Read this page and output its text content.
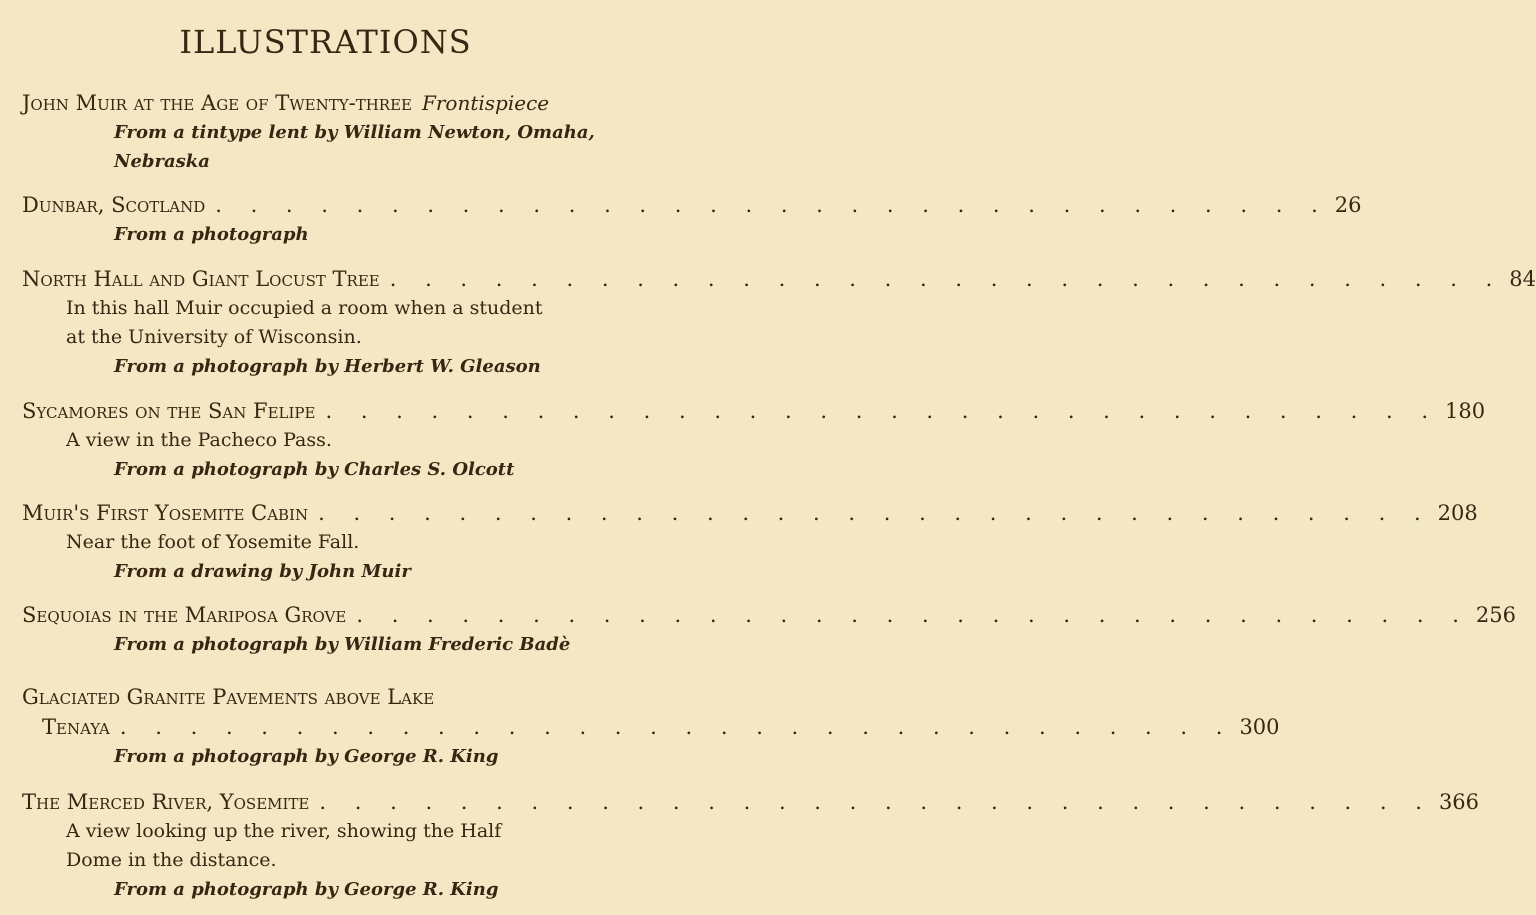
ILLUSTRATIONS
John Muir at the Age of Twenty-three Frontispiece
From a tintype lent by William Newton, Omaha,
Nebraska
Dunbar, Scotland . . . . . . . . . . . . . . . . . . . . . . . . . . . . . . . . 26
From a photograph
North Hall and Giant Locust Tree . . . . . . . . . . . . . . . . . . . . . . . . . . . . . . . . 84
In this hall Muir occupied a room when a student
at the University of Wisconsin.
From a photograph by Herbert W. Gleason
Sycamores on the San Felipe . . . . . . . . . . . . . . . . . . . . . . . . . . . . . . . . 180
A view in the Pacheco Pass.
From a photograph by Charles S. Olcott
Muir's First Yosemite Cabin . . . . . . . . . . . . . . . . . . . . . . . . . . . . . . . . 208
Near the foot of Yosemite Fall.
From a drawing by John Muir
Sequoias in the Mariposa Grove . . . . . . . . . . . . . . . . . . . . . . . . . . . . . . . . 256
From a photograph by William Frederic Badè
Glaciated Granite Pavements above Lake
Tenaya . . . . . . . . . . . . . . . . . . . . . . . . . . . . . . . . 300
From a photograph by George R. King
The Merced River, Yosemite . . . . . . . . . . . . . . . . . . . . . . . . . . . . . . . . 366
A view looking up the river, showing the Half
Dome in the distance.
From a photograph by George R. King
